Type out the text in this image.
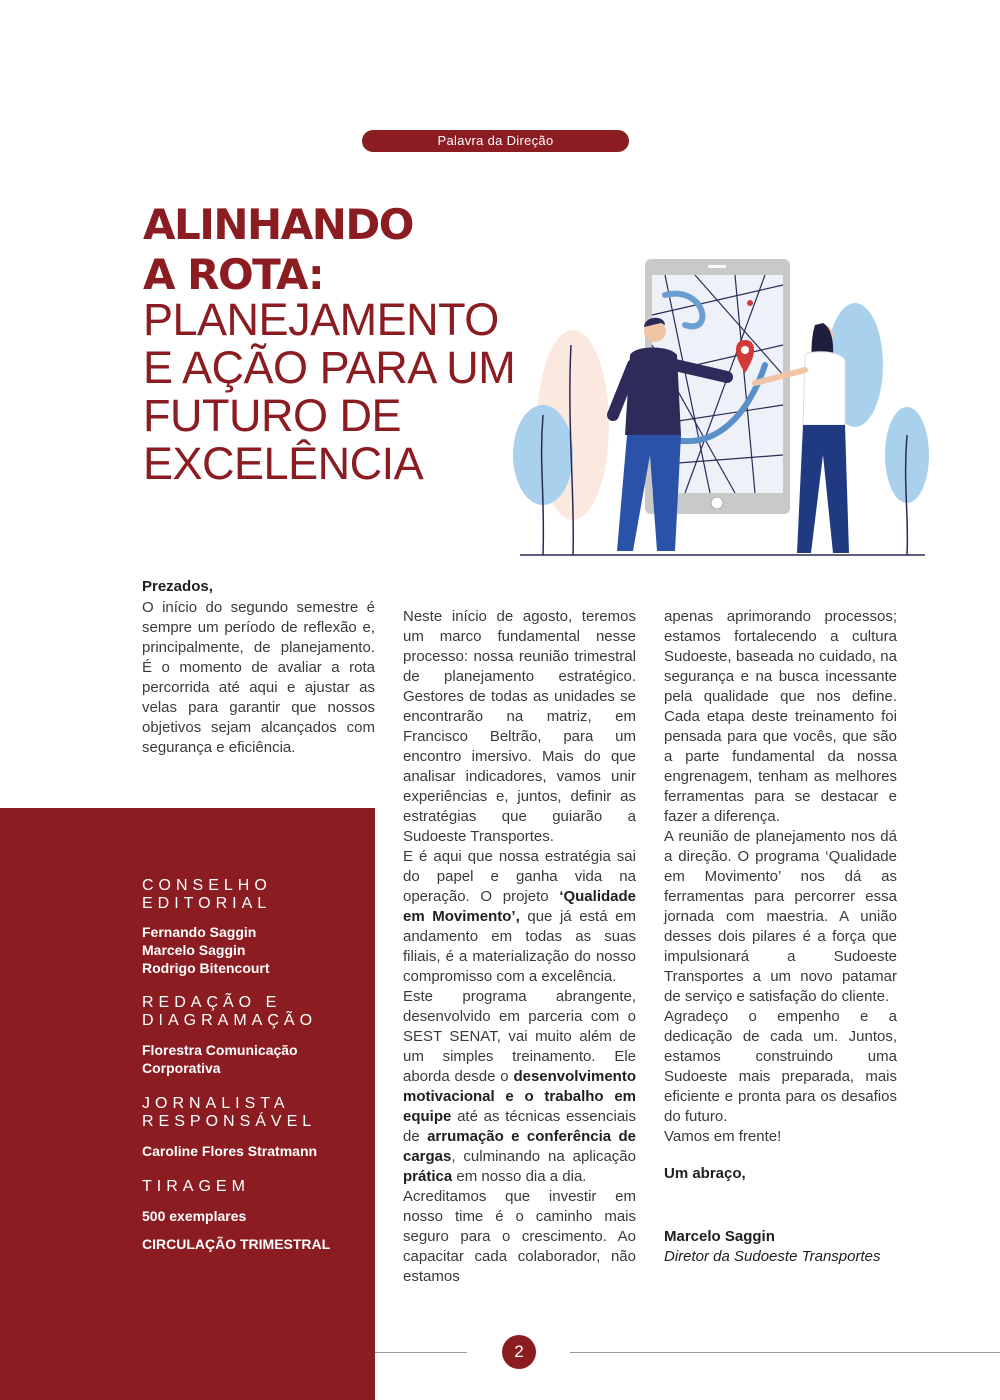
Palavra da Direção
ALINHANDO
A ROTA:
PLANEJAMENTO
E AÇÃO PARA UM
FUTURO DE
EXCELÊNCIA
Prezados,

O início do segundo semestre é sempre um período de reflexão e, principalmente, de planejamento. É o momento de avaliar a rota percorrida até aqui e ajustar as velas para garantir que nossos objetivos sejam alcançados com segurança e eficiência.

Neste início de agosto, teremos um marco fundamental nesse processo: nossa reunião trimestral de planejamento estratégico. Gestores de todas as unidades se encontrarão na matriz, em Francisco Beltrão, para um encontro imersivo. Mais do que analisar indicadores, vamos unir experiências e, juntos, definir as estratégias que guiarão a Sudoeste Transportes.

E é aqui que nossa estratégia sai do papel e ganha vida na operação. O projeto ‘Qualidade em Movimento’, que já está em andamento em todas as suas filiais, é a materialização do nosso compromisso com a excelência.

Este programa abrangente, desenvolvido em parceria com o SEST SENAT, vai muito além de um simples treinamento. Ele aborda desde o desenvolvimento motivacional e o trabalho em equipe até as técnicas essenciais de arrumação e conferência de cargas, culminando na aplicação prática em nosso dia a dia.

Acreditamos que investir em nosso time é o caminho mais seguro para o crescimento. Ao capacitar cada colaborador, não estamos

apenas aprimorando processos; estamos fortalecendo a cultura Sudoeste, baseada no cuidado, na segurança e na busca incessante pela qualidade que nos define. Cada etapa deste treinamento foi pensada para que vocês, que são a parte fundamental da nossa engrenagem, tenham as melhores ferramentas para se destacar e fazer a diferença.

A reunião de planejamento nos dá a direção. O programa ‘Qualidade em Movimento’ nos dá as ferramentas para percorrer essa jornada com maestria. A união desses dois pilares é a força que impulsionará a Sudoeste Transportes a um novo patamar de serviço e satisfação do cliente.

Agradeço o empenho e a dedicação de cada um. Juntos, estamos construindo uma Sudoeste mais preparada, mais eficiente e pronta para os desafios do futuro.

Vamos em frente!

Um abraço,
Marcelo Saggin
Diretor da Sudoeste Transportes
CONSELHO EDITORIAL
Fernando Saggin
Marcelo Saggin
Rodrigo Bitencourt
REDAÇÃO E DIAGRAMAÇÃO
Florestra Comunicação
Corporativa
JORNALISTA RESPONSÁVEL
Caroline Flores Stratmann
TIRAGEM
500 exemplares
CIRCULAÇÃO TRIMESTRAL
2
